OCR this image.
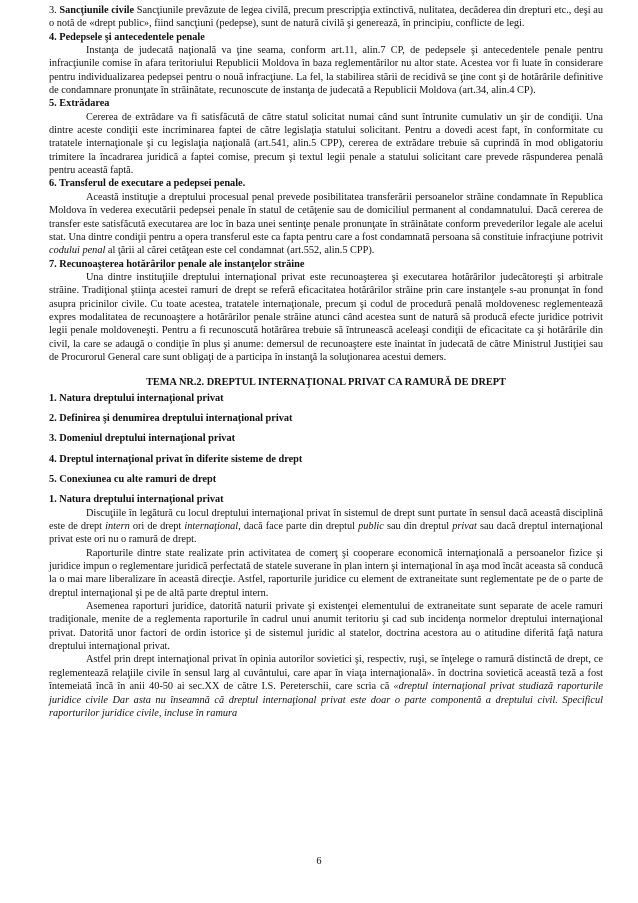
3. Sancţiunile civile Sancţiunile prevăzute de legea civilă, precum prescripţia extinctivă, nulitatea, decăderea din drepturi etc., deşi au o notă de «drept public», fiind sancţiuni (pedepse), sunt de natură civilă şi generează, în principiu, conflicte de legi.

4. Pedepsele şi antecedentele penale

Instanţa de judecată naţională va ţine seama, conform art.11, alin.7 CP, de pedepsele şi antecedentele penale pentru infracţiunile comise în afara teritoriului Republicii Moldova în baza reglementărilor nu altor state. Acestea vor fi luate în considerare pentru individualizarea pedepsei pentru o nouă infracţiune. La fel, la stabilirea stării de recidivă se ţine cont şi de hotărârile definitive de condamnare pronunţate în străinătate, recunoscute de instanţa de judecată a Republicii Moldova (art.34, alin.4 CP).

5. Extrădarea

Cererea de extrădare va fi satisfăcută de către statul solicitat numai când sunt întrunite cumulativ un şir de condiţii. Una dintre aceste condiţii este incriminarea faptei de către legislaţia statului solicitant. Pentru a dovedi acest fapt, în conformitate cu tratatele internaţionale şi cu legislaţia naţională (art.541, alin.5 CPP), cererea de extrădare trebuie să cuprindă în mod obligatoriu trimitere la încadrarea juridică a faptei comise, precum şi textul legii penale a statului solicitant care prevede răspunderea penală pentru această faptă.

6. Transferul de executare a pedepsei penale.

Această instituţie a dreptului procesual penal prevede posibilitatea transferării persoanelor străine condamnate în Republica Moldova în vederea executării pedepsei penale în statul de cetăţenie sau de domiciliul permanent al condamnatului. Dacă cererea de transfer este satisfăcută executarea are loc în baza unei sentinţe penale pronunţate în străinătate conform prevederilor legale ale acelui stat. Una dintre condiţii pentru a opera transferul este ca fapta pentru care a fost condamnată persoana să constituie infracţiune potrivit codului penal al ţării al cărei cetăţean este cel condamnat (art.552, alin.5 CPP).

7. Recunoaşterea hotărârilor penale ale instanţelor străine

Una dintre instituţiile dreptului internaţional privat este recunoaşterea şi executarea hotărârilor judecătoreşti şi arbitrale străine. Tradiţional ştiinţa acestei ramuri de drept se referă eficacitatea hotărârilor străine prin care instanţele s-au pronunţat în fond asupra pricinilor civile. Cu toate acestea, tratatele internaţionale, precum şi codul de procedură penală moldovenesc reglementează expres modalitatea de recunoaştere a hotărârilor penale străine atunci când acestea sunt de natură să producă efecte juridice potrivit legii penale moldoveneşti. Pentru a fi recunoscută hotărârea trebuie să întrunească aceleaşi condiţii de eficacitate ca şi hotărârile din civil, la care se adaugă o condiţie în plus şi anume: demersul de recunoaştere este înaintat în judecată de către Ministrul Justiţiei sau de Procurorul General care sunt obligaţi de a participa în instanţă la soluţionarea acestui demers.

TEMA NR.2. DREPTUL INTERNAŢIONAL PRIVAT CA RAMURĂ DE DREPT

1. Natura dreptului internaţional privat

2. Definirea şi denumirea dreptului internaţional privat

3. Domeniul dreptului internaţional privat

4. Dreptul internaţional privat în diferite sisteme de drept

5. Conexiunea cu alte ramuri de drept

1. Natura dreptului internaţional privat

Discuţiile în legătură cu locul dreptului internaţional privat în sistemul de drept sunt purtate în sensul dacă această disciplină este de drept intern ori de drept internaţional, dacă face parte din dreptul public sau din dreptul privat sau dacă dreptul internaţional privat este ori nu o ramură de drept.

Raporturile dintre state realizate prin activitatea de comerţ şi cooperare economică internaţională a persoanelor fizice şi juridice impun o reglementare juridică perfectată de statele suverane în plan intern şi internaţional în aşa mod încât aceasta să conducă la o mai mare liberalizare în această direcţie. Astfel, raporturile juridice cu element de extraneitate sunt reglementate pe de o parte de dreptul internaţional şi pe de altă parte dreptul intern.

Asemenea raporturi juridice, datorită naturii private şi existenţei elementului de extraneitate sunt separate de acele ramuri tradiţionale, menite de a reglementa raporturile în cadrul unui anumit teritoriu şi cad sub incidenţa normelor dreptului internaţional privat. Datorită unor factori de ordin istorice şi de sistemul juridic al statelor, doctrina acestora au o atitudine diferită faţă natura dreptului internaţional privat.

Astfel prin drept internaţional privat în opinia autorilor sovietici şi, respectiv, ruşi, se înţelege o ramură distinctă de drept, ce reglementează relaţiile civile în sensul larg al cuvântului, care apar în viaţa internaţională». în doctrina sovietică această teză a fost întemeiată încă în anii 40-50 ai sec.XX de către I.S. Pereterschii, care scria că «dreptul internaţional privat studiază raporturile juridice civile Dar asta nu înseamnă că dreptul internaţional privat este doar o parte componentă a dreptului civil. Specificul raporturilor juridice civile, incluse în ramura

6
